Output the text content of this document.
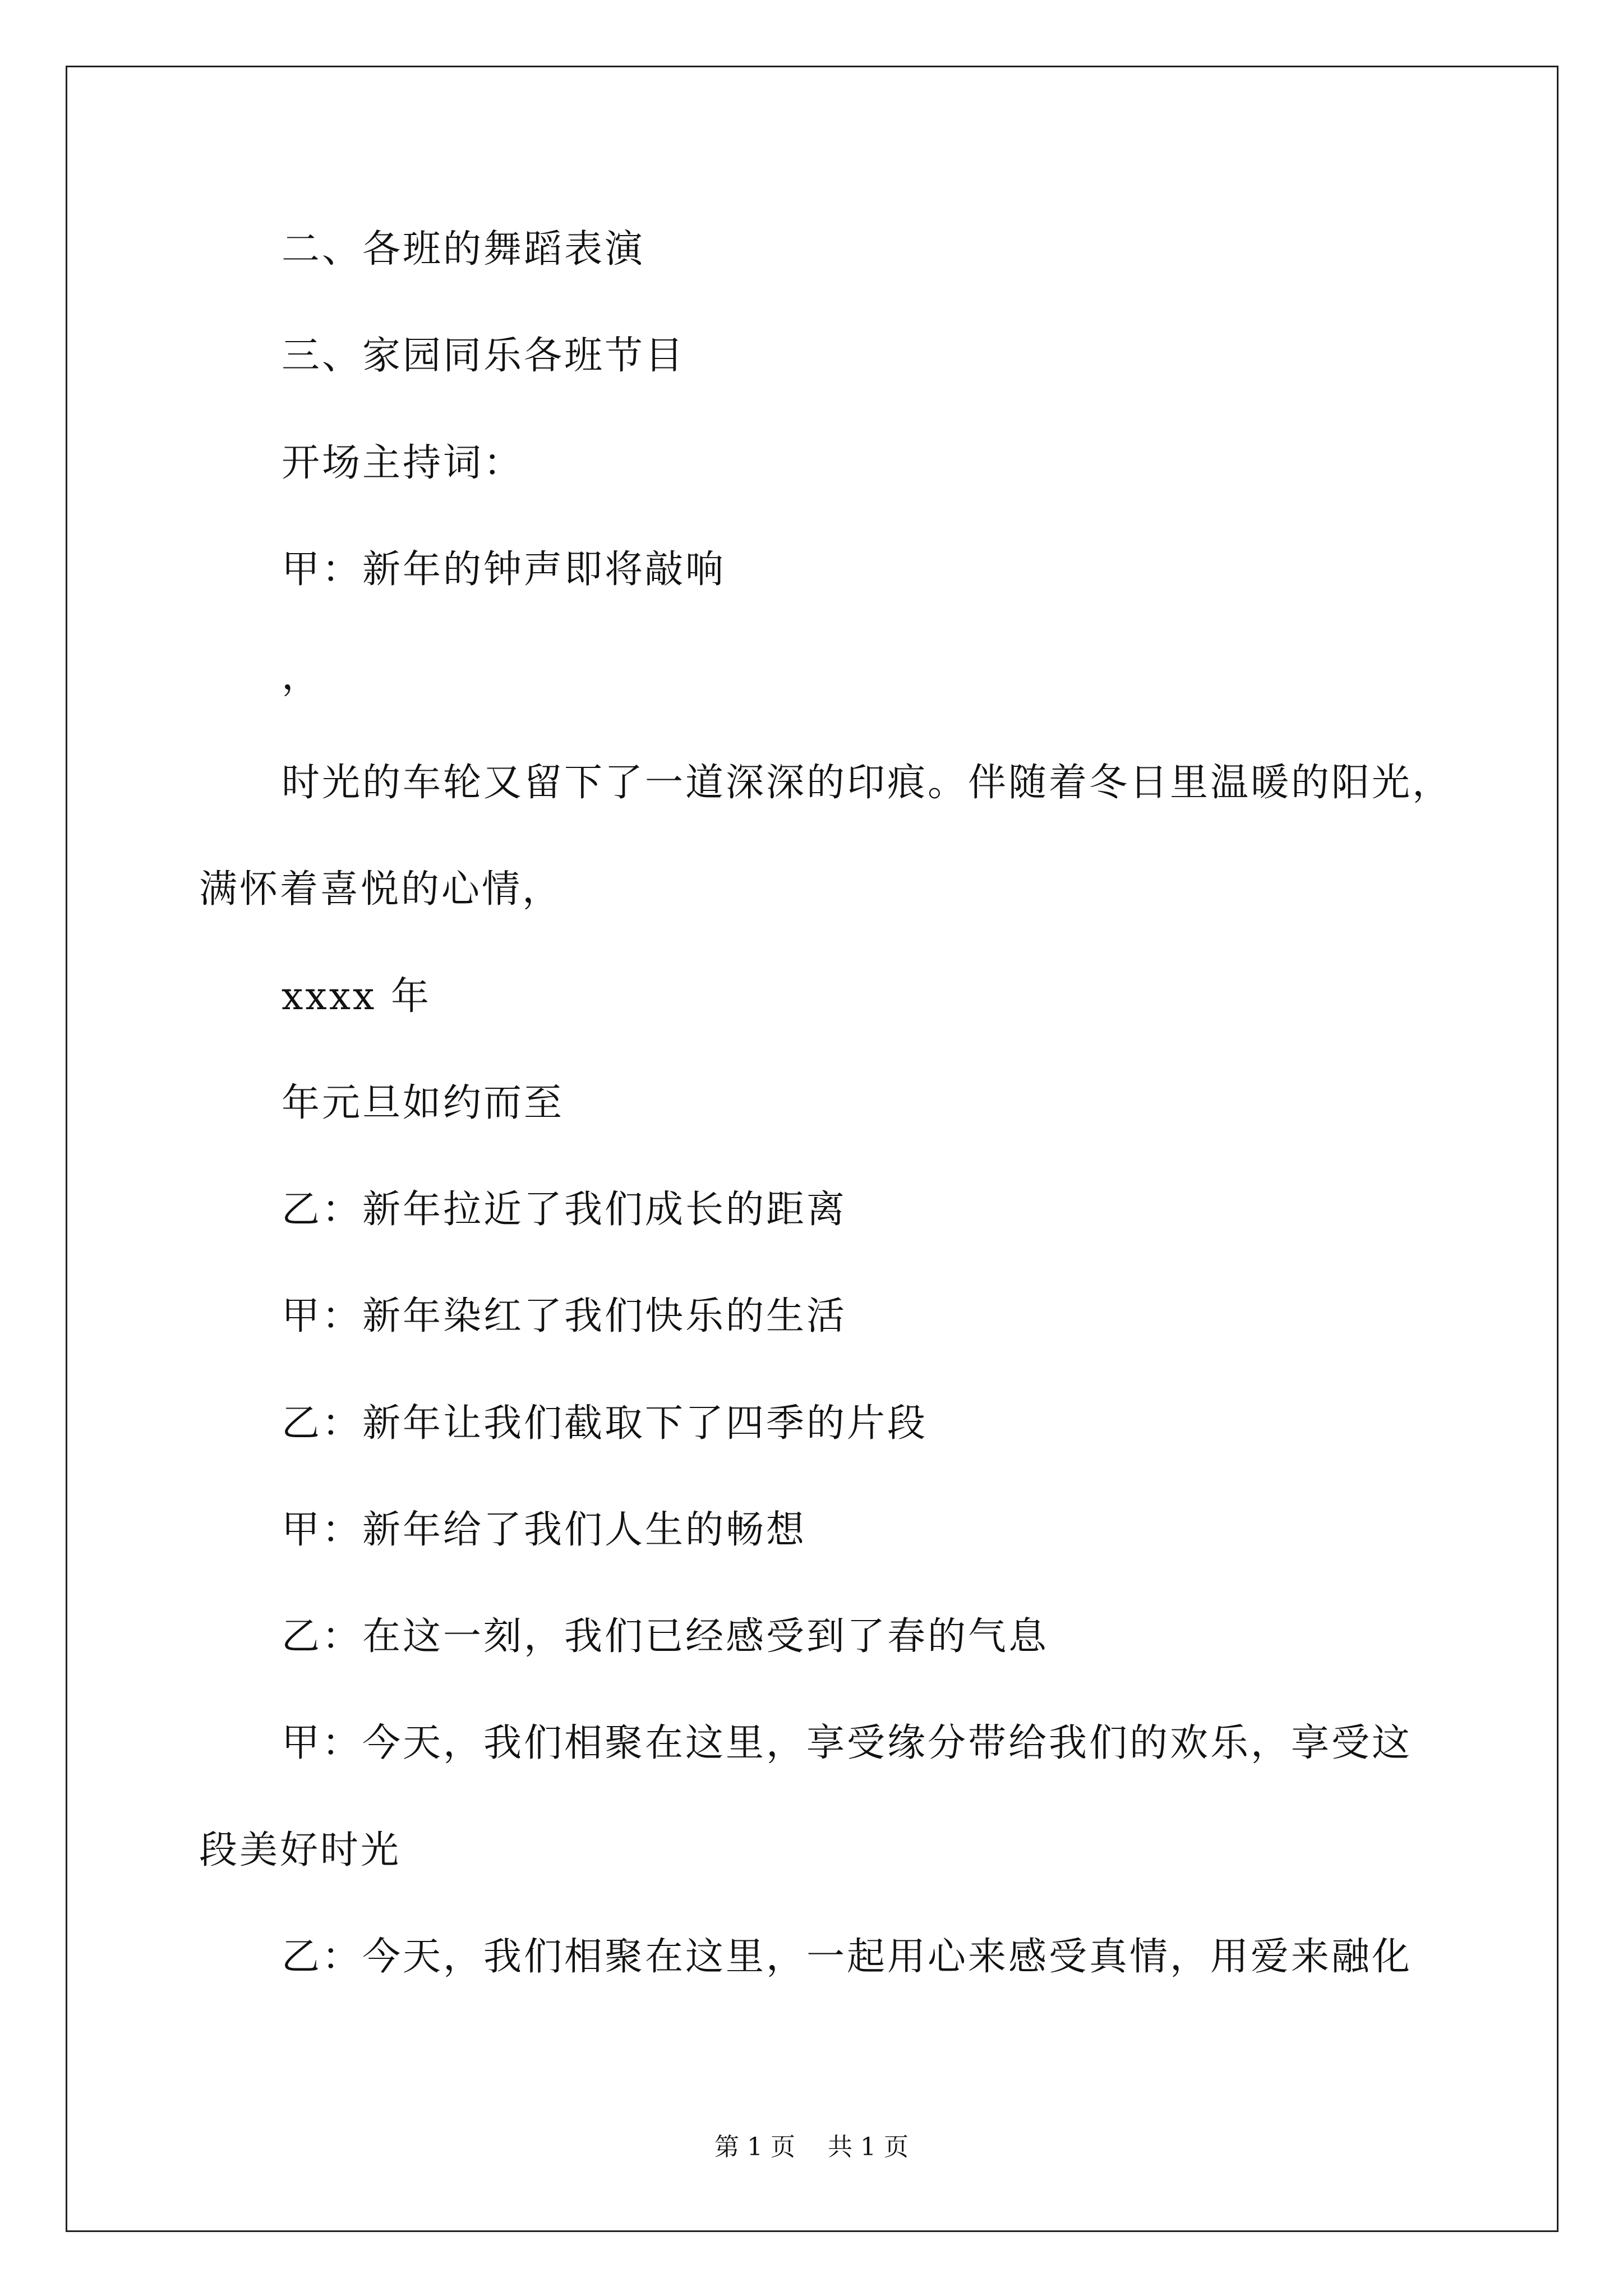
二、各班的舞蹈表演
三、家园同乐各班节目
开场主持词：
甲：新年的钟声即将敲响
，
时光的车轮又留下了一道深深的印痕。伴随着冬日里温暖的阳光，
满怀着喜悦的心情，
xxxx 年
年元旦如约而至
乙：新年拉近了我们成长的距离
甲：新年染红了我们快乐的生活
乙：新年让我们截取下了四季的片段
甲：新年给了我们人生的畅想
乙：在这一刻，我们已经感受到了春的气息
甲：今天，我们相聚在这里，享受缘分带给我们的欢乐，享受这
段美好时光
乙：今天，我们相聚在这里，一起用心来感受真情，用爱来融化
第 1 页 共 1 页
